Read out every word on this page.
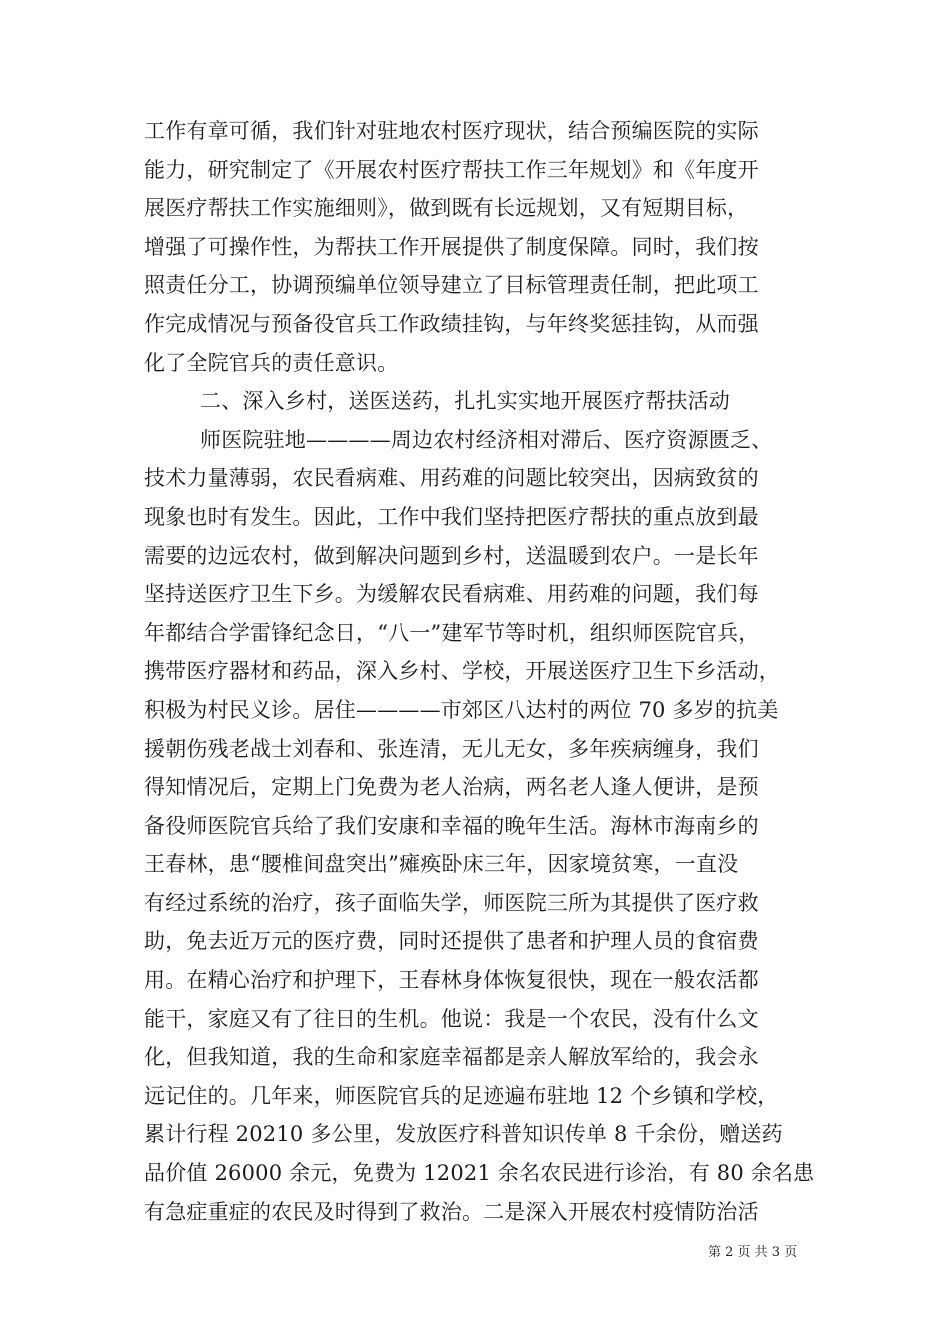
工作有章可循，我们针对驻地农村医疗现状，结合预编医院的实际
能力，研究制定了《开展农村医疗帮扶工作三年规划》和《年度开
展医疗帮扶工作实施细则》，做到既有长远规划，又有短期目标，
增强了可操作性，为帮扶工作开展提供了制度保障。同时，我们按
照责任分工，协调预编单位领导建立了目标管理责任制，把此项工
作完成情况与预备役官兵工作政绩挂钩，与年终奖惩挂钩，从而强
化了全院官兵的责任意识。
二、深入乡村，送医送药，扎扎实实地开展医疗帮扶活动
师医院驻地————周边农村经济相对滞后、医疗资源匮乏、
技术力量薄弱，农民看病难、用药难的问题比较突出，因病致贫的
现象也时有发生。因此，工作中我们坚持把医疗帮扶的重点放到最
需要的边远农村，做到解决问题到乡村，送温暖到农户。一是长年
坚持送医疗卫生下乡。为缓解农民看病难、用药难的问题，我们每
年都结合学雷锋纪念日，“八一”建军节等时机，组织师医院官兵，
携带医疗器材和药品，深入乡村、学校，开展送医疗卫生下乡活动，
积极为村民义诊。居住————市郊区八达村的两位 70 多岁的抗美
援朝伤残老战士刘春和、张连清，无儿无女，多年疾病缠身，我们
得知情况后，定期上门免费为老人治病，两名老人逢人便讲，是预
备役师医院官兵给了我们安康和幸福的晚年生活。海林市海南乡的
王春林，患“腰椎间盘突出”瘫痪卧床三年，因家境贫寒，一直没
有经过系统的治疗，孩子面临失学，师医院三所为其提供了医疗救
助，免去近万元的医疗费，同时还提供了患者和护理人员的食宿费
用。在精心治疗和护理下，王春林身体恢复很快，现在一般农活都
能干，家庭又有了往日的生机。他说：我是一个农民，没有什么文
化，但我知道，我的生命和家庭幸福都是亲人解放军给的，我会永
远记住的。几年来，师医院官兵的足迹遍布驻地 12 个乡镇和学校，
累计行程 20210 多公里，发放医疗科普知识传单 8 千余份，赠送药
品价值 26000 余元，免费为 12021 余名农民进行诊治，有 80 余名患
有急症重症的农民及时得到了救治。二是深入开展农村疫情防治活
第 2 页 共 3 页
